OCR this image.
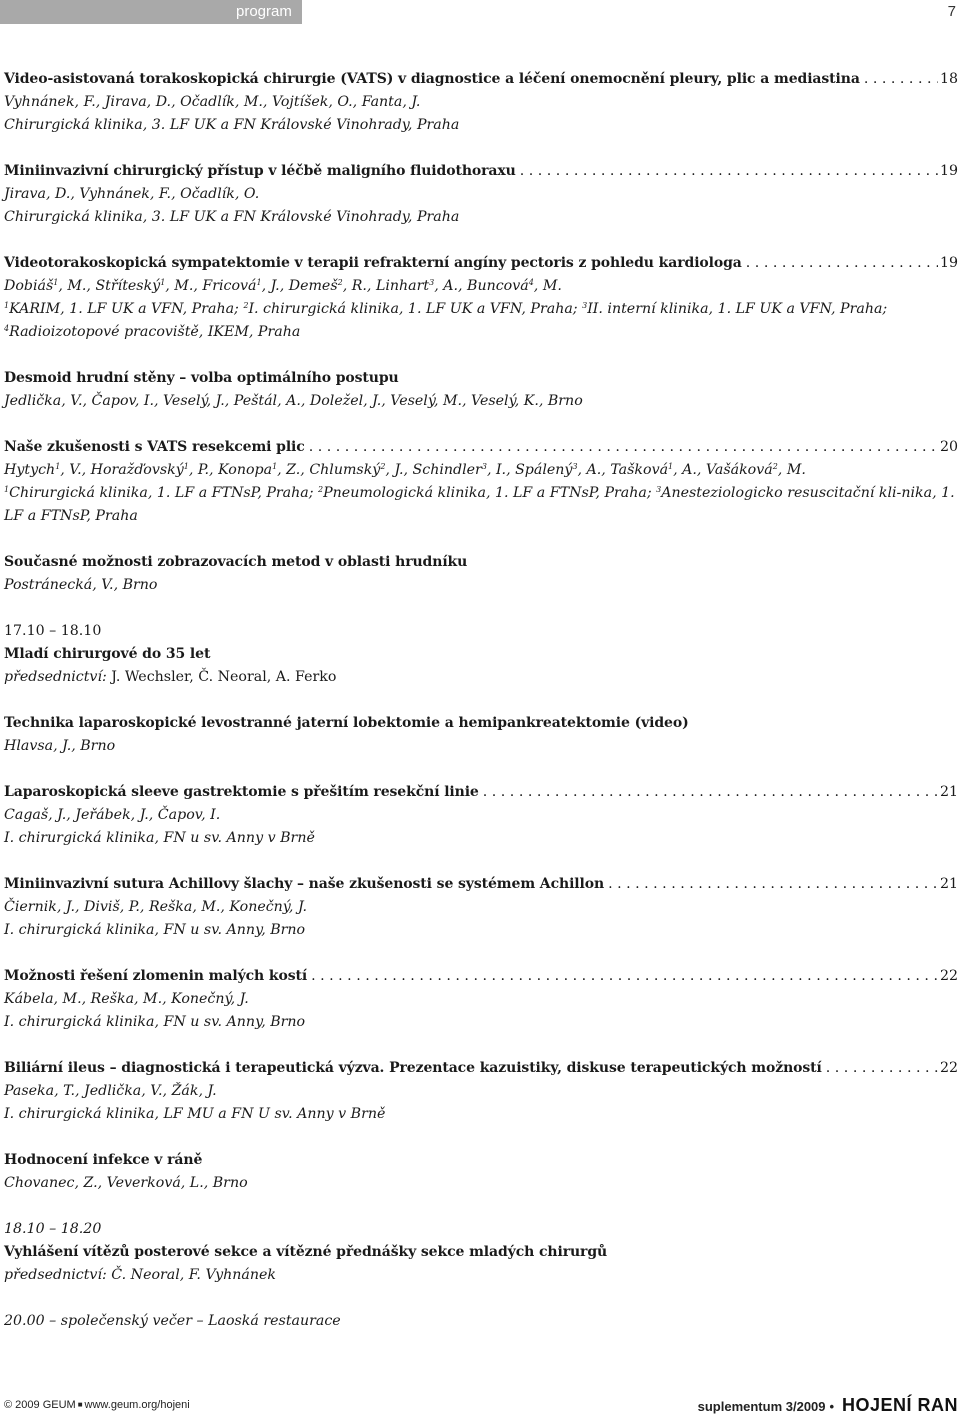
program	7
Video-asistovaná torakoskopická chirurgie (VATS) v diagnostice a léčení onemocnění pleury, plic a mediastina . . .	18
Vyhnánek, F., Jirava, D., Očadlík, M., Vojtíšek, O., Fanta, J.
Chirurgická klinika, 3. LF UK a FN Královské Vinohrady, Praha
Miniinvazivní chirurgický přístup v léčbě maligního fluidothoraxu . . .	19
Jirava, D., Vyhnánek, F., Očadlík, O.
Chirurgická klinika, 3. LF UK a FN Královské Vinohrady, Praha
Videotorakoskopická sympatektomie v terapii refrakterní angíny pectoris z pohledu kardiologa . . .	19
Dobiáš$^1$, M., Stříteský$^1$, M., Fricová$^1$, J., Demeš$^2$, R., Linhart$^3$, A., Buncová$^4$, M.
$^1$KARIM, 1. LF UK a VFN, Praha; $^2$I. chirurgická klinika, 1. LF UK a VFN, Praha; $^3$II. interní klinika, 1. LF UK a VFN, Praha;
$^4$Radioizotopové pracoviště, IKEM, Praha
Desmoid hrudní stěny – volba optimálního postupu
Jedlička, V., Čapov, I., Veselý, J., Peštál, A., Doležel, J., Veselý, M., Veselý, K., Brno
Naše zkušenosti s VATS resekcemi plic . . .	20
Hytych$^1$, V., Horažďovský$^1$, P., Konopa$^1$, Z., Chlumský$^2$, J., Schindler$^3$, I., Spálený$^3$, A., Tašková$^1$, A., Vašáková$^2$, M.
$^1$Chirurgická klinika, 1. LF a FTNsP, Praha; $^2$Pneumologická klinika, 1. LF a FTNsP, Praha; $^3$Anesteziologicko resuscitační kli-nika, 1. LF a FTNsP, Praha
Současné možnosti zobrazovacích metod v oblasti hrudníku
Postránecká, V., Brno
17.10 – 18.10
Mladí chirurgové do 35 let
předsednictví: J. Wechsler, Č. Neoral, A. Ferko
Technika laparoskopické levostranné jaterní lobektomie a hemipankreatektomie (video)
Hlavsa, J., Brno
Laparoskopická sleeve gastrektomie s přešitím resekční linie . . .	21
Cagaš, J., Jeřábek, J., Čapov, I.
I. chirurgická klinika, FN u sv. Anny v Brně
Miniinvazivní sutura Achillovy šlachy – naše zkušenosti se systémem Achillon . . .	21
Čiernik, J., Diviš, P., Reška, M., Konečný, J.
I. chirurgická klinika, FN u sv. Anny, Brno
Možnosti řešení zlomenin malých kostí . . .	22
Kábela, M., Reška, M., Konečný, J.
I. chirurgická klinika, FN u sv. Anny, Brno
Biliární ileus – diagnostická i terapeutická výzva. Prezentace kazuistiky, diskuse terapeutických možností . . .	22
Paseka, T., Jedlička, V., Žák, J.
I. chirurgická klinika, LF MU a FN U sv. Anny v Brně
Hodnocení infekce v ráně
Chovanec, Z., Veverková, L., Brno
18.10 – 18.20
Vyhlášení vítězů posterové sekce a vítězné přednášky sekce mladých chirurgů
předsednictví: Č. Neoral, F. Vyhnánek
20.00 – společenský večer – Laoská restaurace
© 2009 GEUM ■ www.geum.org/hojeni	suplementum 3/2009 • HOJENÍ RAN
